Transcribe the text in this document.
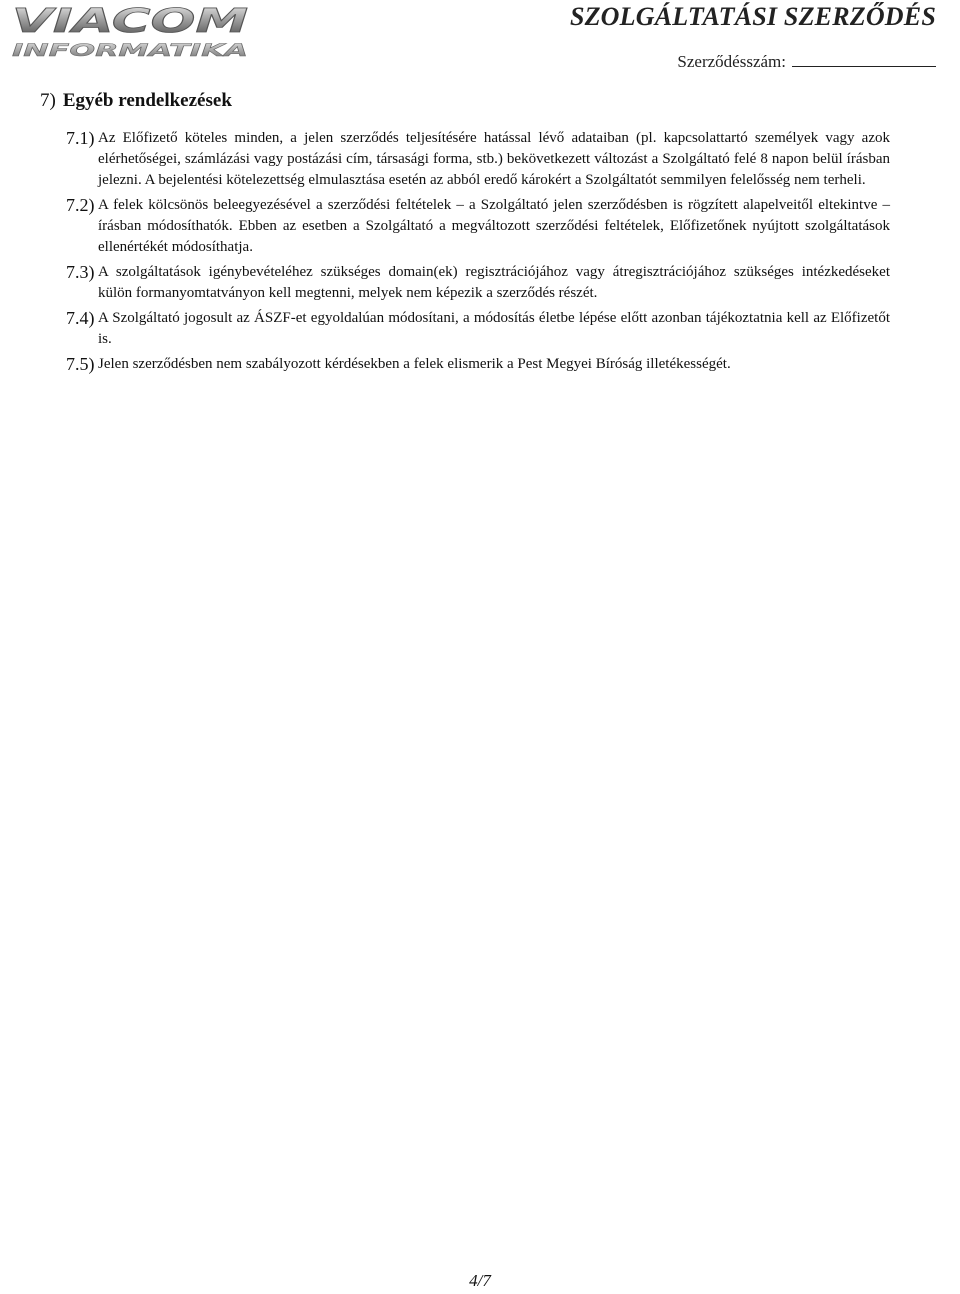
VIACOM
INFORMATIKA
SZOLGÁLTATÁSI SZERZŐDÉS
Szerződésszám:
7) Egyéb rendelkezések
7.1) Az Előfizető köteles minden, a jelen szerződés teljesítésére hatással lévő adataiban (pl. kapcsolattartó személyek vagy azok elérhetőségei, számlázási vagy postázási cím, társasági forma, stb.) bekövetkezett változást a Szolgáltató felé 8 napon belül írásban jelezni. A bejelentési kötelezettség elmulasztása esetén az abból eredő károkért a Szolgáltatót semmilyen felelősség nem terheli.

7.2) A felek kölcsönös beleegyezésével a szerződési feltételek – a Szolgáltató jelen szerződésben is rögzített alapelveitől eltekintve – írásban módosíthatók. Ebben az esetben a Szolgáltató a megváltozott szerződési feltételek, Előfizetőnek nyújtott szolgáltatások ellenértékét módosíthatja.

7.3) A szolgáltatások igénybevételéhez szükséges domain(ek) regisztrációjához vagy átregisztrációjához szükséges intézkedéseket külön formanyomtatványon kell megtenni, melyek nem képezik a szerződés részét.

7.4) A Szolgáltató jogosult az ÁSZF-et egyoldalúan módosítani, a módosítás életbe lépése előtt azonban tájékoztatnia kell az Előfizetőt is.

7.5) Jelen szerződésben nem szabályozott kérdésekben a felek elismerik a Pest Megyei Bíróság illetékességét.

4/7
